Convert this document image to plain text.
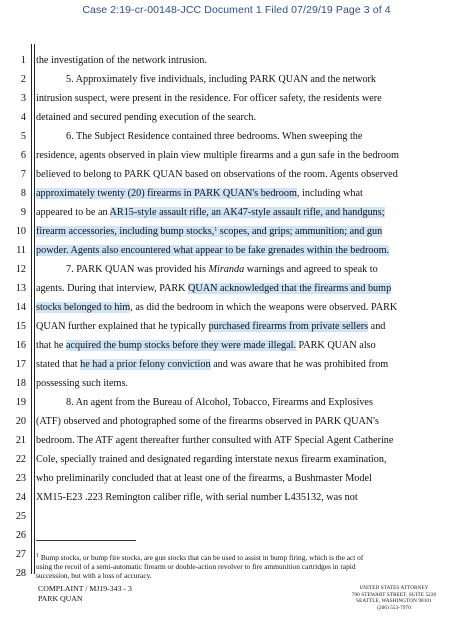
Case 2:19-cr-00148-JCC Document 1 Filed 07/29/19 Page 3 of 4
1
2
3
4
5
6
7
8
9
10
11
12
13
14
15
16
17
18
19
20
21
22
23
24
25
26
27
28
the investigation of the network intrusion.
5. Approximately five individuals, including PARK QUAN and the network
intrusion suspect, were present in the residence. For officer safety, the residents were
detained and secured pending execution of the search.
6. The Subject Residence contained three bedrooms. When sweeping the
residence, agents observed in plain view multiple firearms and a gun safe in the bedroom
believed to belong to PARK QUAN based on observations of the room. Agents observed
approximately twenty (20) firearms in PARK QUAN's bedroom, including what
appeared to be an AR15-style assault rifle, an AK47-style assault rifle, and handguns;
firearm accessories, including bump stocks,$^1$ scopes, and grips; ammunition; and gun
powder. Agents also encountered what appear to be fake grenades within the bedroom.
7. PARK QUAN was provided his Miranda warnings and agreed to speak to
agents. During that interview, PARK QUAN acknowledged that the firearms and bump
stocks belonged to him, as did the bedroom in which the weapons were observed. PARK
QUAN further explained that he typically purchased firearms from private sellers and
that he acquired the bump stocks before they were made illegal. PARK QUAN also
stated that he had a prior felony conviction and was aware that he was prohibited from
possessing such items.
8. An agent from the Bureau of Alcohol, Tobacco, Firearms and Explosives
(ATF) observed and photographed some of the firearms observed in PARK QUAN's
bedroom. The ATF agent thereafter further consulted with ATF Special Agent Catherine
Cole, specially trained and designated regarding interstate nexus firearm examination,
who preliminarily concluded that at least one of the firearms, a Bushmaster Model
XM15-E23 .223 Remington caliber rifle, with serial number L435132, was not
$^1$ Bump stocks, or bump fire stocks, are gun stocks that can be used to assist in bump firing, which is the act of
using the recoil of a semi-automatic firearm or double-action revolver to fire ammunition cartridges in rapid
succession, but with a loss of accuracy.
COMPLAINT / MJ19-343 - 3
PARK QUAN
UNITED STATES ATTORNEY
700 STEWART STREET, SUITE 5220
SEATTLE, WASHINGTON 98101
(206) 553-7970
